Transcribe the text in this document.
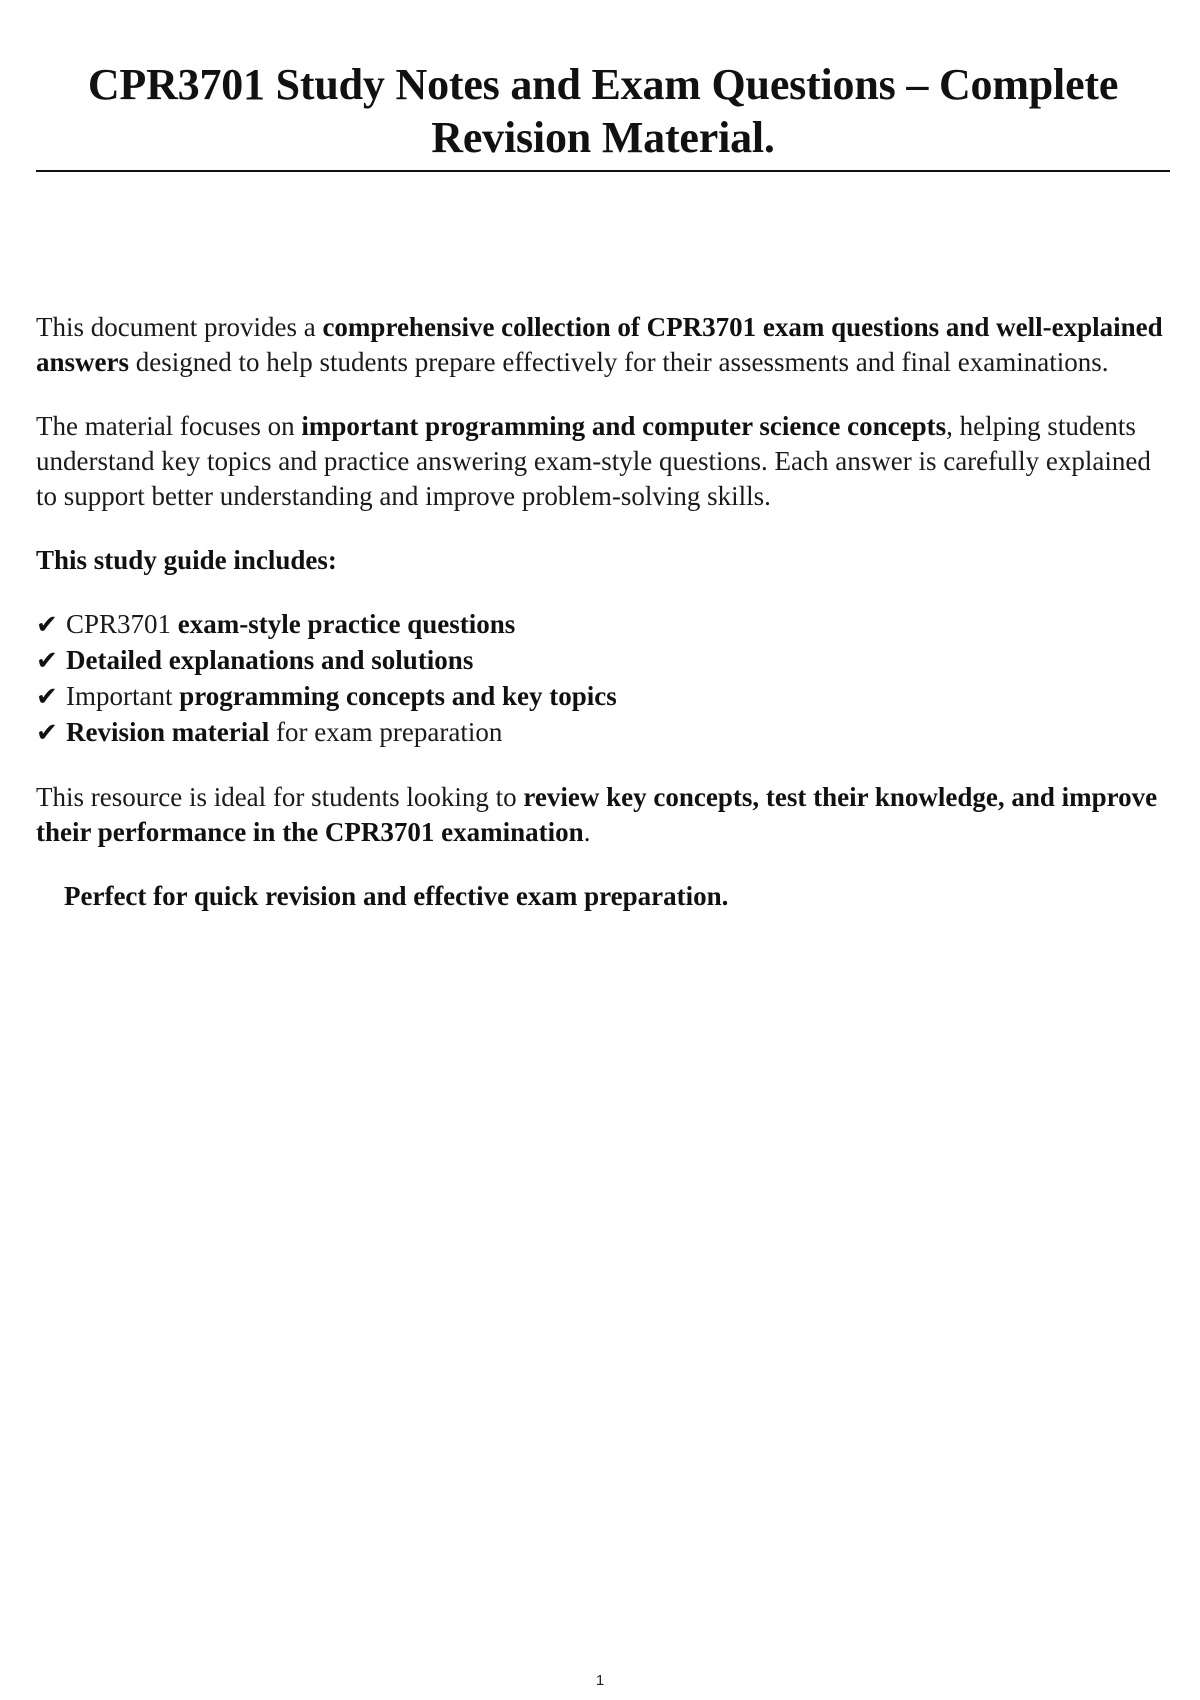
CPR3701 Study Notes and Exam Questions – Complete
Revision Material.

This document provides a comprehensive collection of CPR3701 exam questions and well-explained answers designed to help students prepare effectively for their assessments and final examinations.

The material focuses on important programming and computer science concepts, helping students understand key topics and practice answering exam-style questions. Each answer is carefully explained to support better understanding and improve problem-solving skills.

This study guide includes:

✔ CPR3701 exam-style practice questions
✔ Detailed explanations and solutions
✔ Important programming concepts and key topics
✔ Revision material for exam preparation

This resource is ideal for students looking to review key concepts, test their knowledge, and improve their performance in the CPR3701 examination.

Perfect for quick revision and effective exam preparation.

1
